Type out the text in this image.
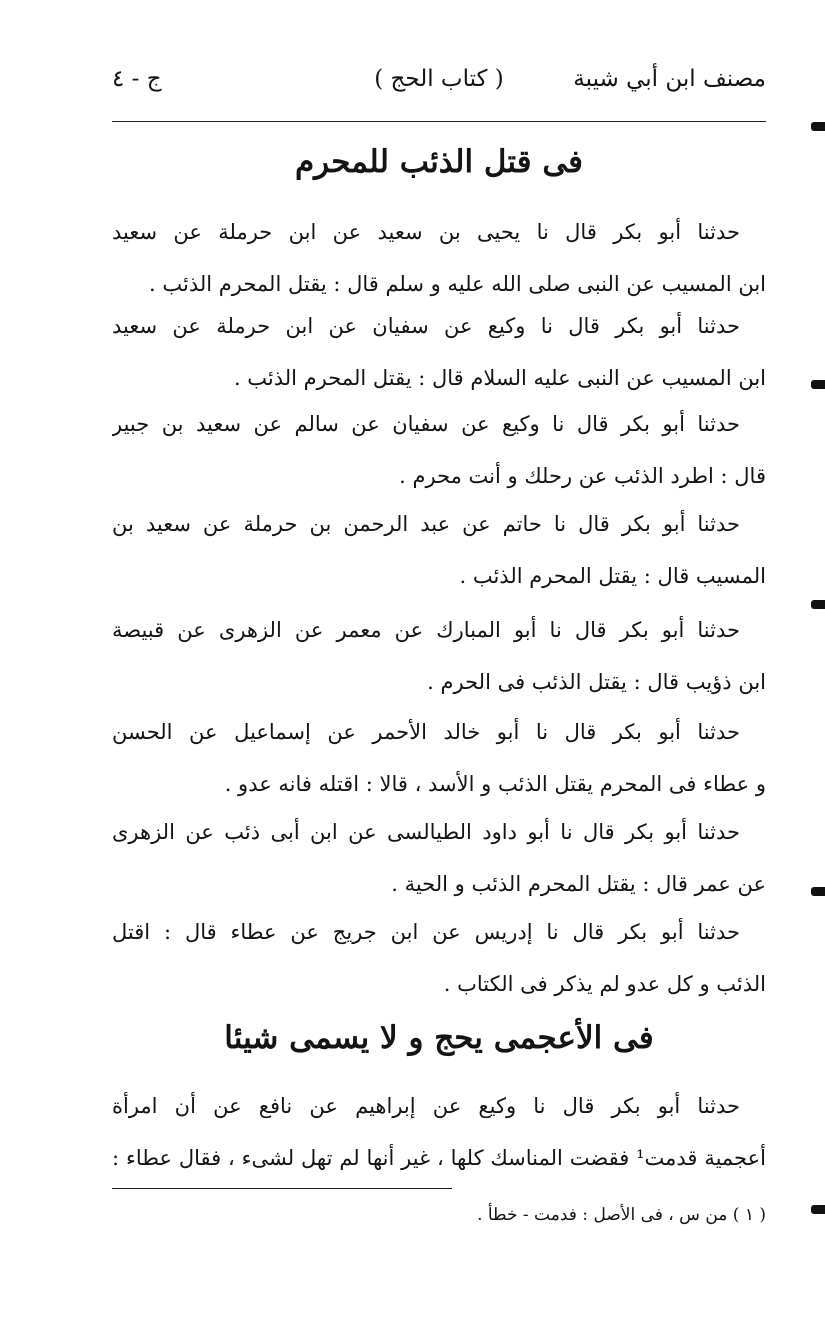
مصنف ابن أبي شيبة
( كتاب الحج )
ج - ٤
فى قتل الذئب للمحرم
حدثنا أبو بكر قال نا يحيى بن سعيد عن ابن حرملة عن سعيد
ابن المسيب عن النبى صلى الله عليه و سلم قال : يقتل المحرم الذئب .
حدثنا أبو بكر قال نا وكيع عن سفيان عن ابن حرملة عن سعيد
ابن المسيب عن النبى عليه السلام قال : يقتل المحرم الذئب .
حدثنا أبو بكر قال نا وكيع عن سفيان عن سالم عن سعيد بن جبير
قال : اطرد الذئب عن رحلك و أنت محرم .
حدثنا أبو بكر قال نا حاتم عن عبد الرحمن بن حرملة عن سعيد بن
المسيب قال : يقتل المحرم الذئب .
حدثنا أبو بكر قال نا أبو المبارك عن معمر عن الزهرى عن قبيصة
ابن ذؤيب قال : يقتل الذئب فى الحرم .
حدثنا أبو بكر قال نا أبو خالد الأحمر عن إسماعيل عن الحسن
و عطاء فى المحرم يقتل الذئب و الأسد ، قالا : اقتله فانه عدو .
حدثنا أبو بكر قال نا أبو داود الطيالسى عن ابن أبى ذئب عن الزهرى
عن عمر قال : يقتل المحرم الذئب و الحية .
حدثنا أبو بكر قال نا إدريس عن ابن جريج عن عطاء قال : اقتل
الذئب و كل عدو لم يذكر فى الكتاب .
فى الأعجمى يحج و لا يسمى شيئا
حدثنا أبو بكر قال نا وكيع عن إبراهيم عن نافع عن أن امرأة
أعجمية قدمت¹ فقضت المناسك كلها ، غير أنها لم تهل لشىء ، فقال عطاء :
( ١ ) من س ، فى الأصل : فدمت - خطأ .
